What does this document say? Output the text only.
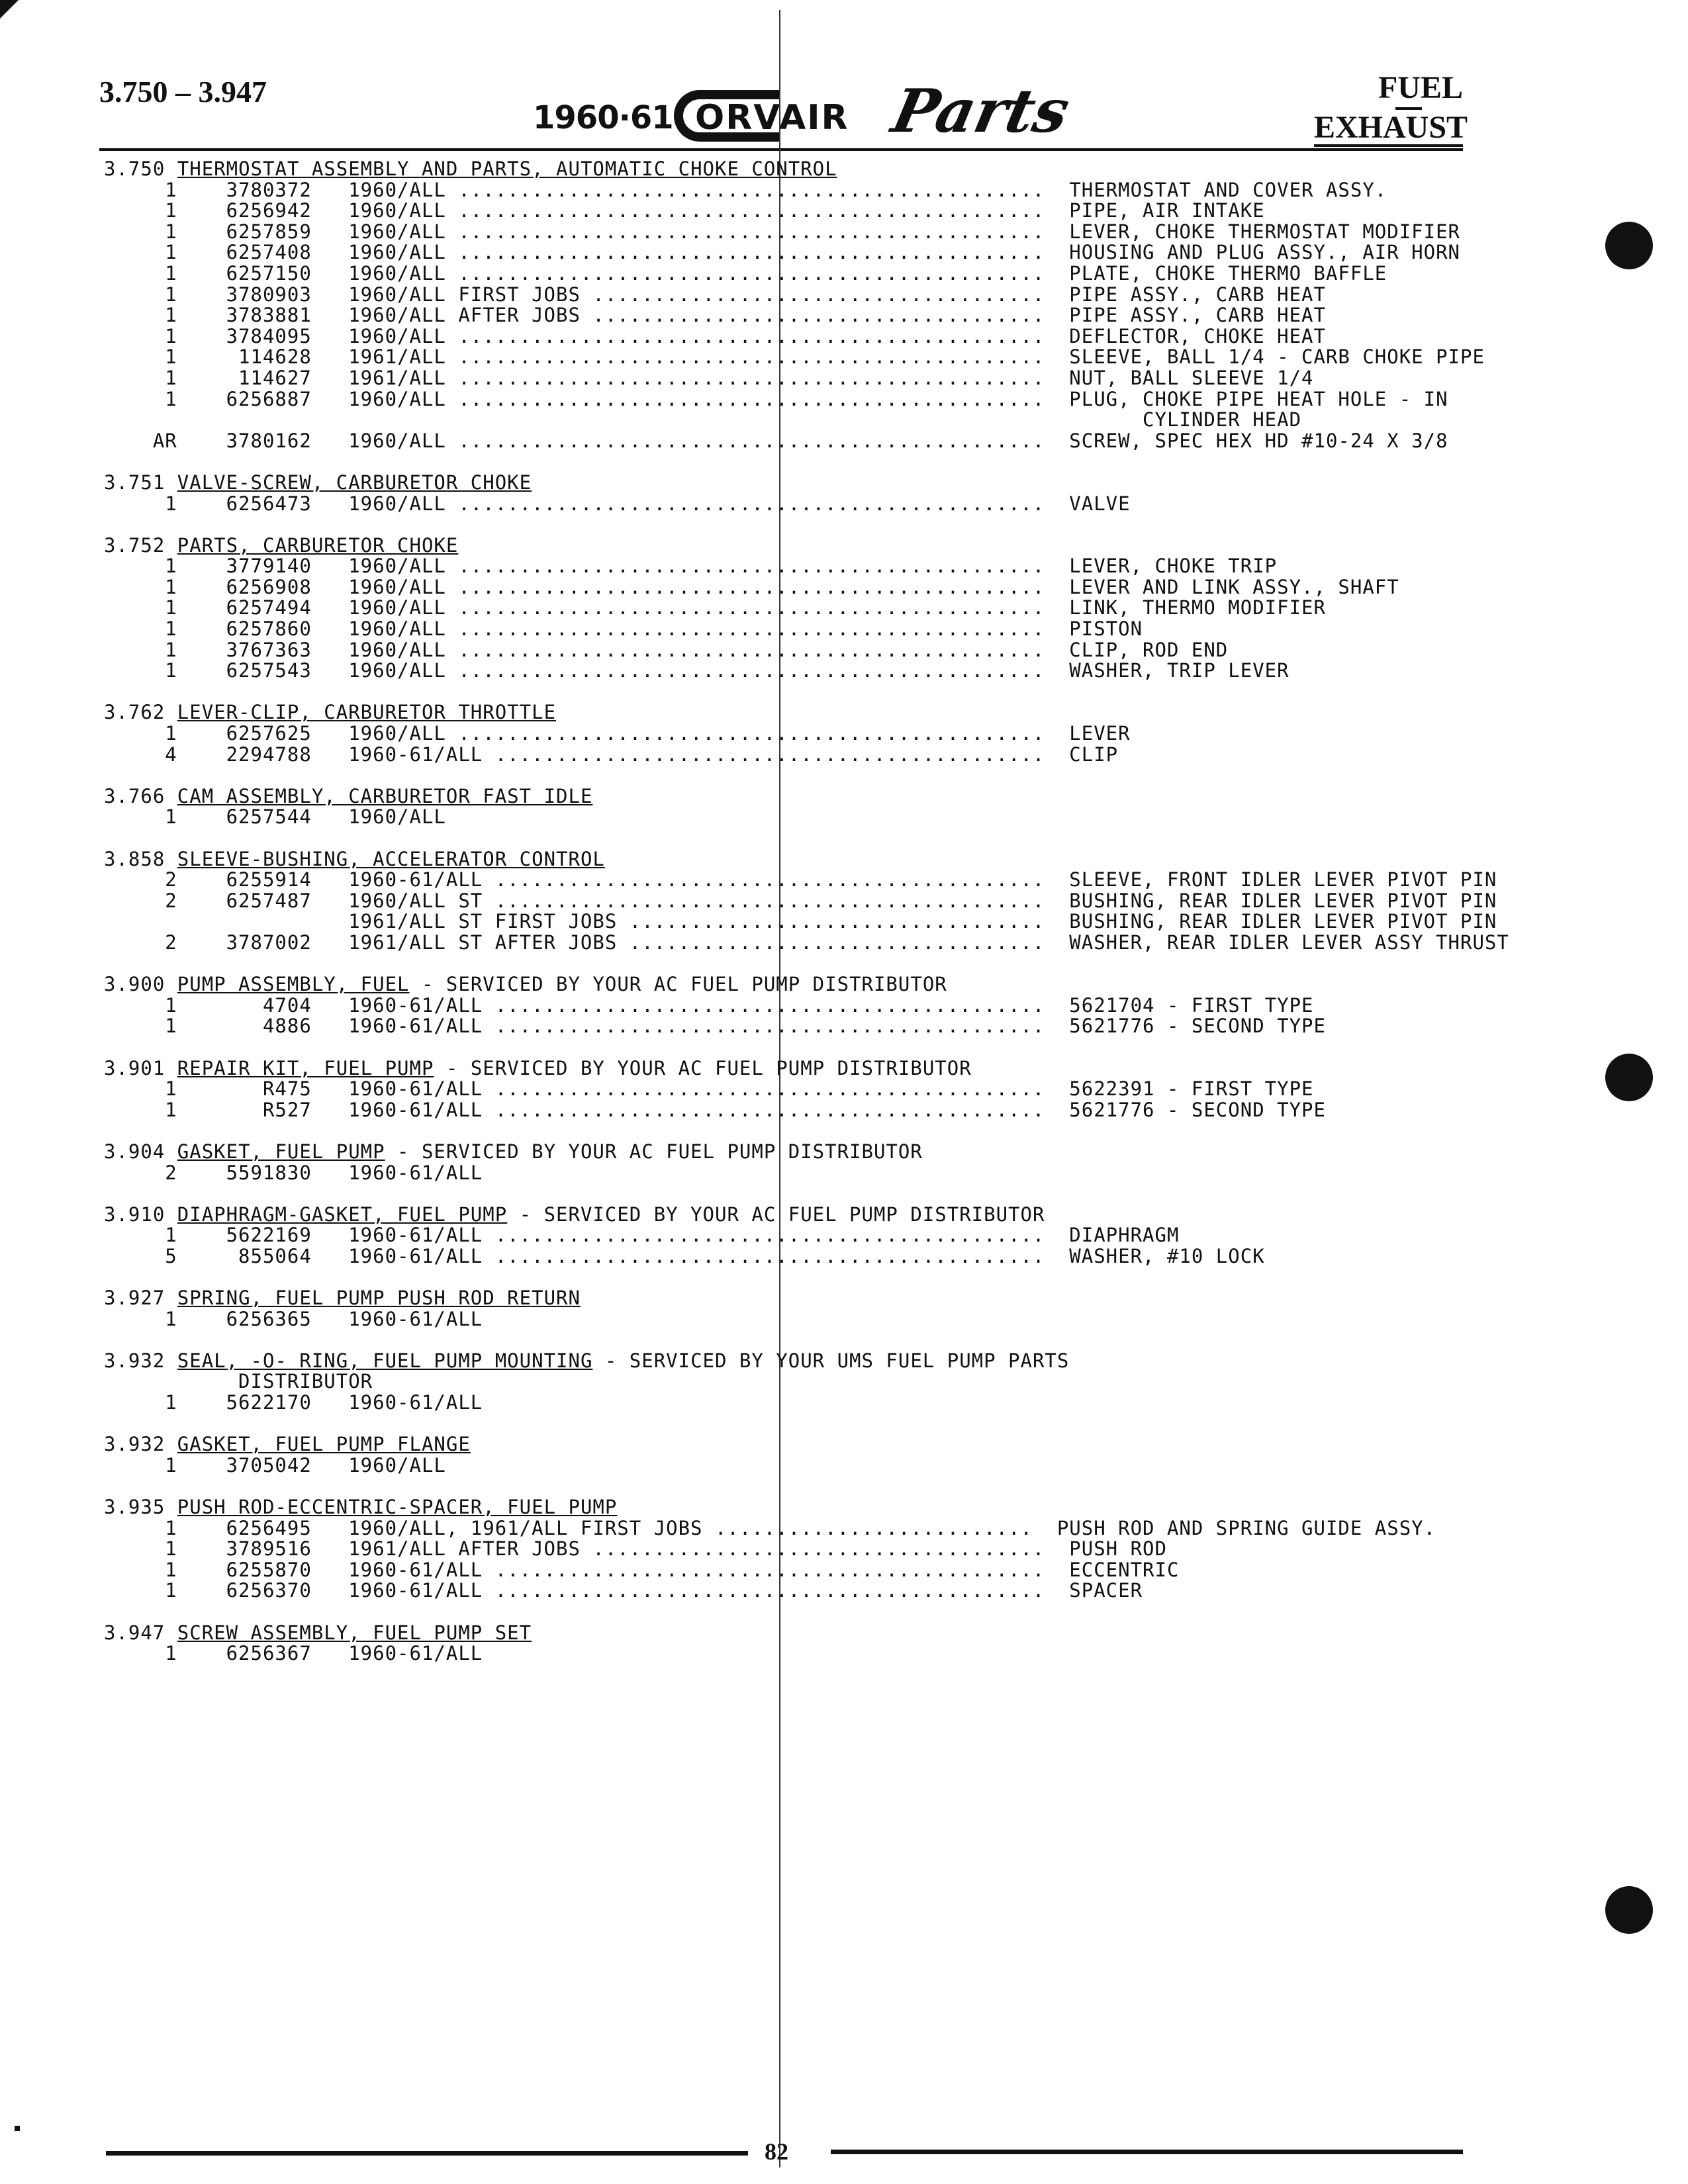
3.750 – 3.947
1960·61 ORVAIR Parts	FUEL
EXHAUST
3.750 THERMOSTAT ASSEMBLY AND PARTS, AUTOMATIC CHOKE CONTROL
1    3780372   1960/ALL ................................................  THERMOSTAT AND COVER ASSY.
1    6256942   1960/ALL ................................................  PIPE, AIR INTAKE
1    6257859   1960/ALL ................................................  LEVER, CHOKE THERMOSTAT MODIFIER
1    6257408   1960/ALL ................................................  HOUSING AND PLUG ASSY., AIR HORN
1    6257150   1960/ALL ................................................  PLATE, CHOKE THERMO BAFFLE
1    3780903   1960/ALL FIRST JOBS .....................................  PIPE ASSY., CARB HEAT
1    3783881   1960/ALL AFTER JOBS .....................................  PIPE ASSY., CARB HEAT
1    3784095   1960/ALL ................................................  DEFLECTOR, CHOKE HEAT
1     114628   1961/ALL ................................................  SLEEVE, BALL 1/4 - CARB CHOKE PIPE
1     114627   1961/ALL ................................................  NUT, BALL SLEEVE 1/4
1    6256887   1960/ALL ................................................  PLUG, CHOKE PIPE HEAT HOLE - IN
CYLINDER HEAD
AR    3780162   1960/ALL ................................................  SCREW, SPEC HEX HD #10-24 X 3/8
3.751 VALVE-SCREW, CARBURETOR CHOKE
1    6256473   1960/ALL ................................................  VALVE
3.752 PARTS, CARBURETOR CHOKE
1    3779140   1960/ALL ................................................  LEVER, CHOKE TRIP
1    6256908   1960/ALL ................................................  LEVER AND LINK ASSY., SHAFT
1    6257494   1960/ALL ................................................  LINK, THERMO MODIFIER
1    6257860   1960/ALL ................................................  PISTON
1    3767363   1960/ALL ................................................  CLIP, ROD END
1    6257543   1960/ALL ................................................  WASHER, TRIP LEVER
3.762 LEVER-CLIP, CARBURETOR THROTTLE
1    6257625   1960/ALL ................................................  LEVER
4    2294788   1960-61/ALL .............................................  CLIP
3.766 CAM ASSEMBLY, CARBURETOR FAST IDLE
1    6257544   1960/ALL
3.858 SLEEVE-BUSHING, ACCELERATOR CONTROL
2    6255914   1960-61/ALL .............................................  SLEEVE, FRONT IDLER LEVER PIVOT PIN
2    6257487   1960/ALL ST .............................................  BUSHING, REAR IDLER LEVER PIVOT PIN
1961/ALL ST FIRST JOBS ..................................  BUSHING, REAR IDLER LEVER PIVOT PIN
2    3787002   1961/ALL ST AFTER JOBS ..................................  WASHER, REAR IDLER LEVER ASSY THRUST
3.900 PUMP ASSEMBLY, FUEL - SERVICED BY YOUR AC FUEL PUMP DISTRIBUTOR
1       4704   1960-61/ALL .............................................  5621704 - FIRST TYPE
1       4886   1960-61/ALL .............................................  5621776 - SECOND TYPE
3.901 REPAIR KIT, FUEL PUMP - SERVICED BY YOUR AC FUEL PUMP DISTRIBUTOR
1       R475   1960-61/ALL .............................................  5622391 - FIRST TYPE
1       R527   1960-61/ALL .............................................  5621776 - SECOND TYPE
3.904 GASKET, FUEL PUMP - SERVICED BY YOUR AC FUEL PUMP DISTRIBUTOR
2    5591830   1960-61/ALL
3.910 DIAPHRAGM-GASKET, FUEL PUMP - SERVICED BY YOUR AC FUEL PUMP DISTRIBUTOR
1    5622169   1960-61/ALL .............................................  DIAPHRAGM
5     855064   1960-61/ALL .............................................  WASHER, #10 LOCK
3.927 SPRING, FUEL PUMP PUSH ROD RETURN
1    6256365   1960-61/ALL
3.932 SEAL, -O- RING, FUEL PUMP MOUNTING - SERVICED BY YOUR UMS FUEL PUMP PARTS
DISTRIBUTOR
1    5622170   1960-61/ALL
3.932 GASKET, FUEL PUMP FLANGE
1    3705042   1960/ALL
3.935 PUSH ROD-ECCENTRIC-SPACER, FUEL PUMP
1    6256495   1960/ALL, 1961/ALL FIRST JOBS ..........................  PUSH ROD AND SPRING GUIDE ASSY.
1    3789516   1961/ALL AFTER JOBS .....................................  PUSH ROD
1    6255870   1960-61/ALL .............................................  ECCENTRIC
1    6256370   1960-61/ALL .............................................  SPACER
3.947 SCREW ASSEMBLY, FUEL PUMP SET
1    6256367   1960-61/ALL
82
